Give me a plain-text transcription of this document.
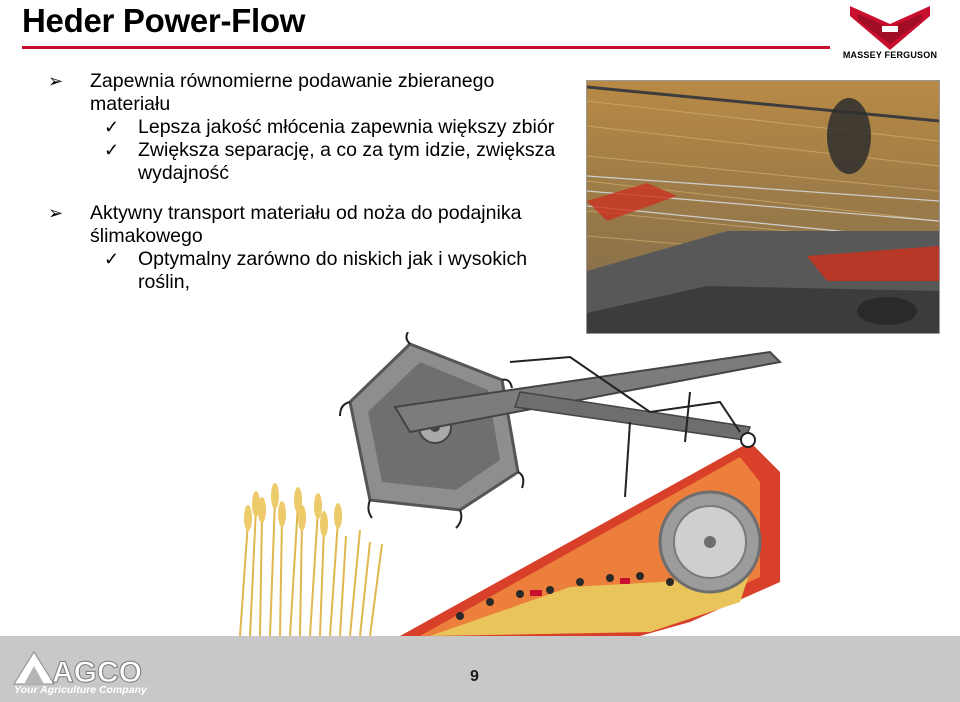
Heder Power-Flow
MASSEY FERGUSON
➢ Zapewnia równomierne podawanie zbieranego materiału
✓ Lepsza jakość młócenia zapewnia większy zbiór
✓ Zwiększa separację, a co za tym idzie, zwiększa wydajność
➢ Aktywny transport materiału od noża do podajnika ślimakowego
✓ Optymalny zarówno do niskich jak i wysokich roślin,
AGCO
Your Agriculture Company
9
